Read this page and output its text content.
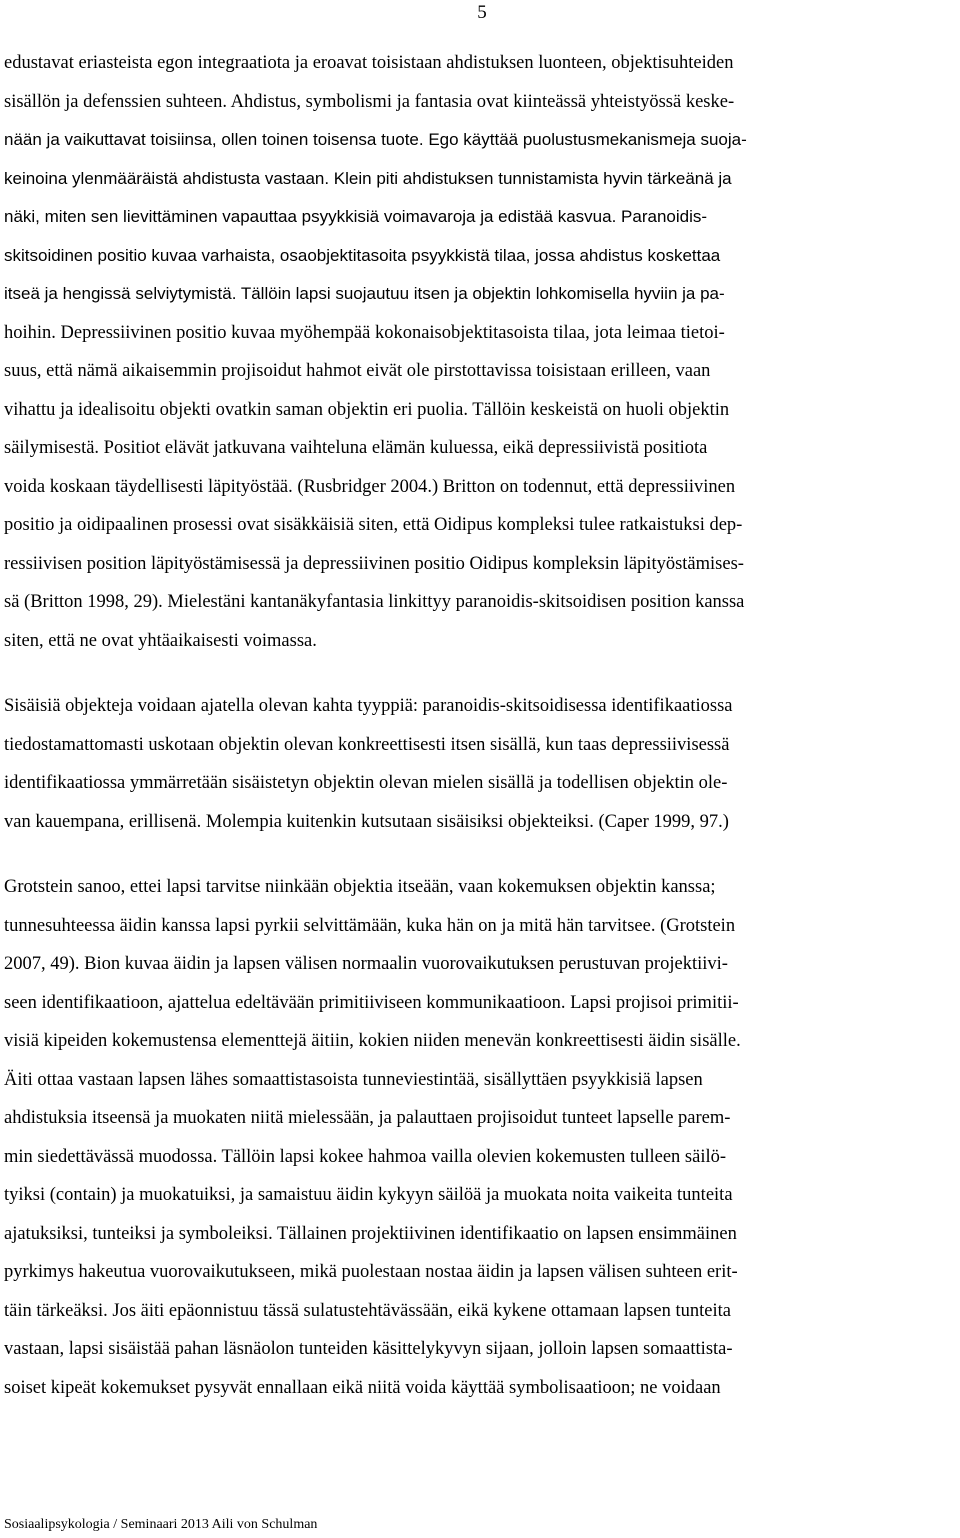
5
edustavat eriasteista egon integraatiota ja eroavat toisistaan ahdistuksen luonteen, objektisuhteiden
sisällön ja defenssien suhteen. Ahdistus, symbolismi ja fantasia ovat kiinteässä yhteistyössä keske-
nään ja vaikuttavat toisiinsa, ollen toinen toisensa tuote. Ego käyttää puolustusmekanismeja suoja-
keinoina ylenmääräistä ahdistusta vastaan. Klein piti ahdistuksen tunnistamista hyvin tärkeänä ja
näki, miten sen lievittäminen vapauttaa psyykkisiä voimavaroja ja edistää kasvua. Paranoidis-
skitsoidinen positio kuvaa varhaista, osaobjektitasoita psyykkistä tilaa, jossa ahdistus koskettaa
itseä ja hengissä selviytymistä. Tällöin lapsi suojautuu itsen ja objektin lohkomisella hyviin ja pa-
hoihin. Depressiivinen positio kuvaa myöhempää kokonaisobjektitasoista tilaa, jota leimaa tietoi-
suus, että nämä aikaisemmin projisoidut hahmot eivät ole pirstottavissa toisistaan erilleen, vaan
vihattu ja idealisoitu objekti ovatkin saman objektin eri puolia. Tällöin keskeistä on huoli objektin
säilymisestä. Positiot elävät jatkuvana vaihteluna elämän kuluessa, eikä depressiivistä positiota
voida koskaan täydellisesti läpityöstää. (Rusbridger 2004.) Britton on todennut, että depressiivinen
positio ja oidipaalinen prosessi ovat sisäkkäisiä siten, että Oidipus kompleksi tulee ratkaistuksi dep-
ressiivisen position läpityöstämisessä ja depressiivinen positio Oidipus kompleksin läpityöstämises-
sä (Britton 1998, 29). Mielestäni kantanäkyfantasia linkittyy paranoidis-skitsoidisen position kanssa
siten, että ne ovat yhtäaikaisesti voimassa.
Sisäisiä objekteja voidaan ajatella olevan kahta tyyppiä: paranoidis-skitsoidisessa identifikaatiossa
tiedostamattomasti uskotaan objektin olevan konkreettisesti itsen sisällä, kun taas depressiivisessä
identifikaatiossa ymmärretään sisäistetyn objektin olevan mielen sisällä ja todellisen objektin ole-
van kauempana, erillisenä. Molempia kuitenkin kutsutaan sisäisiksi objekteiksi. (Caper 1999, 97.)
Grotstein sanoo, ettei lapsi tarvitse niinkään objektia itseään, vaan kokemuksen objektin kanssa;
tunnesuhteessa äidin kanssa lapsi pyrkii selvittämään, kuka hän on ja mitä hän tarvitsee. (Grotstein
2007, 49). Bion kuvaa äidin ja lapsen välisen normaalin vuorovaikutuksen perustuvan projektiivi-
seen identifikaatioon, ajattelua edeltävään primitiiviseen kommunikaatioon. Lapsi projisoi primitii-
visiä kipeiden kokemustensa elementtejä äitiin, kokien niiden menevän konkreettisesti äidin sisälle.
Äiti ottaa vastaan lapsen lähes somaattistasoista tunneviestintää, sisällyttäen psyykkisiä lapsen
ahdistuksia itseensä ja muokaten niitä mielessään, ja palauttaen projisoidut tunteet lapselle parem-
min siedettävässä muodossa. Tällöin lapsi kokee hahmoa vailla olevien kokemusten tulleen säilö-
tyiksi (contain) ja muokatuiksi, ja samaistuu äidin kykyyn säilöä ja muokata noita vaikeita tunteita
ajatuksiksi, tunteiksi ja symboleiksi. Tällainen projektiivinen identifikaatio on lapsen ensimmäinen
pyrkimys hakeutua vuorovaikutukseen, mikä puolestaan nostaa äidin ja lapsen välisen suhteen erit-
täin tärkeäksi. Jos äiti epäonnistuu tässä sulatustehtävässään, eikä kykene ottamaan lapsen tunteita
vastaan, lapsi sisäistää pahan läsnäolon tunteiden käsittelykyvyn sijaan, jolloin lapsen somaattista-
soiset kipeät kokemukset pysyvät ennallaan eikä niitä voida käyttää symbolisaatioon; ne voidaan
Sosiaalipsykologia / Seminaari 2013 Aili von Schulman
